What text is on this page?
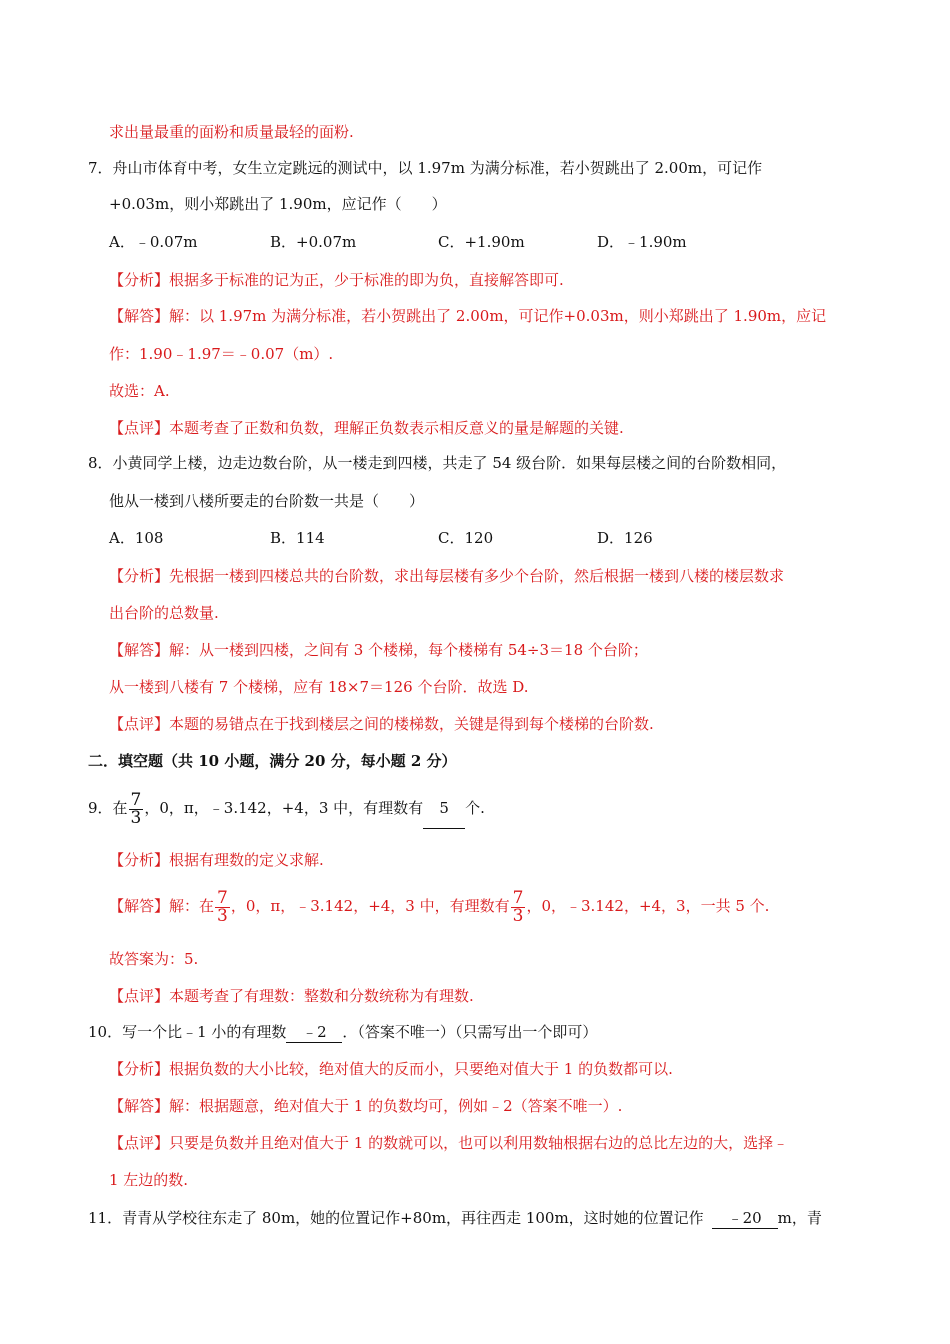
求出量最重的面粉和质量最轻的面粉.
7．舟山市体育中考，女生立定跳远的测试中，以 1.97m 为满分标准，若小贺跳出了 2.00m，可记作
+0.03m，则小郑跳出了 1.90m，应记作（　　）
A．﹣0.07m	B．+0.07m	C．+1.90m	D．﹣1.90m
【分析】根据多于标准的记为正，少于标准的即为负，直接解答即可.
【解答】解：以 1.97m 为满分标准，若小贺跳出了 2.00m，可记作+0.03m，则小郑跳出了 1.90m，应记
作：1.90﹣1.97＝﹣0.07（m）.
故选：A.
【点评】本题考查了正数和负数，理解正负数表示相反意义的量是解题的关键.
8．小黄同学上楼，边走边数台阶，从一楼走到四楼，共走了 54 级台阶．如果每层楼之间的台阶数相同，
他从一楼到八楼所要走的台阶数一共是（　　）
A．108	B．114	C．120	D．126
【分析】先根据一楼到四楼总共的台阶数，求出每层楼有多少个台阶，然后根据一楼到八楼的楼层数求
出台阶的总数量.
【解答】解：从一楼到四楼，之间有 3 个楼梯，每个楼梯有 54÷3＝18 个台阶；
从一楼到八楼有 7 个楼梯，应有 18×7＝126 个台阶．故选 D.
【点评】本题的易错点在于找到楼层之间的楼梯数，关键是得到每个楼梯的台阶数.
二．填空题（共 10 小题，满分 20 分，每小题 2 分）
9．在 $\frac{7}{3}$ ，0，π，﹣3.142，+4，3 中，有理数有 5 个.
【分析】根据有理数的定义求解.
【解答】解：在 $\frac{7}{3}$ ，0，π，﹣3.142，+4，3 中，有理数有 $\frac{7}{3}$ ，0，﹣3.142，+4，3，一共 5 个.
故答案为：5.
【点评】本题考查了有理数：整数和分数统称为有理数.
10．写一个比﹣1 小的有理数 ﹣2 ．（答案不唯一）（只需写出一个即可）
【分析】根据负数的大小比较，绝对值大的反而小，只要绝对值大于 1 的负数都可以.
【解答】解：根据题意，绝对值大于 1 的负数均可，例如﹣2（答案不唯一）.
【点评】只要是负数并且绝对值大于 1 的数就可以，也可以利用数轴根据右边的总比左边的大，选择﹣
1 左边的数.
11．青青从学校往东走了 80m，她的位置记作+80m，再往西走 100m，这时她的位置记作 ﹣20 m，青
